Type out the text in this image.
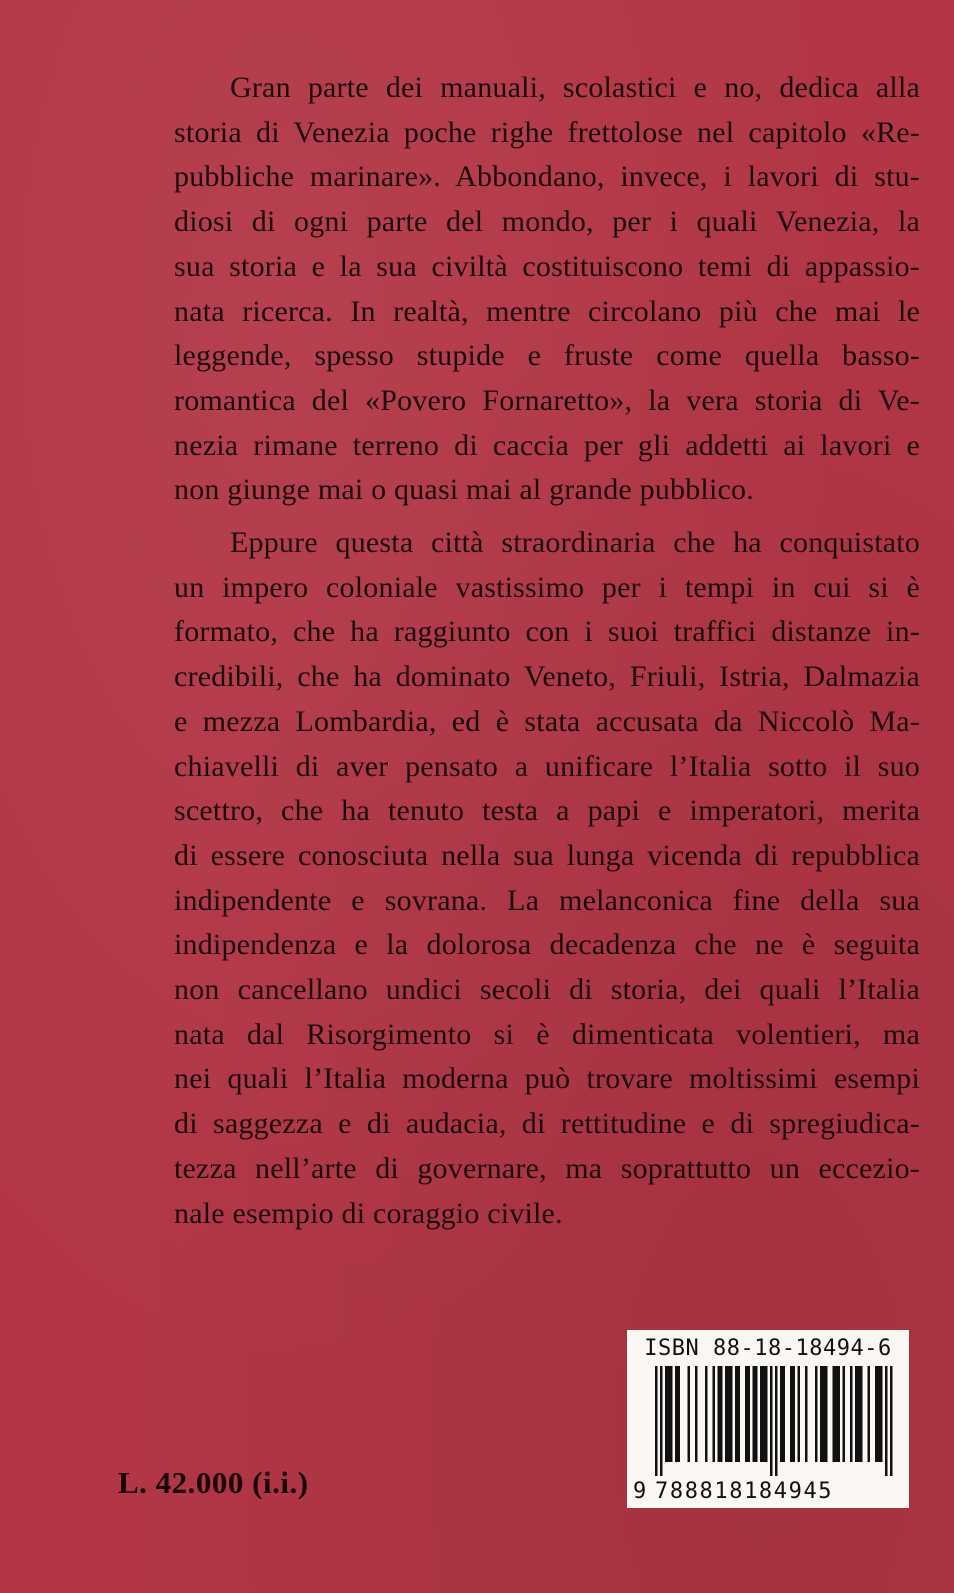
Gran parte dei manuali, scolastici e no, dedica alla
storia di Venezia poche righe frettolose nel capitolo «Re-
pubbliche marinare». Abbondano, invece, i lavori di stu-
diosi di ogni parte del mondo, per i quali Venezia, la
sua storia e la sua civiltà costituiscono temi di appassio-
nata ricerca. In realtà, mentre circolano più che mai le
leggende, spesso stupide e fruste come quella basso-
romantica del «Povero Fornaretto», la vera storia di Ve-
nezia rimane terreno di caccia per gli addetti ai lavori e
non giunge mai o quasi mai al grande pubblico.

Eppure questa città straordinaria che ha conquistato
un impero coloniale vastissimo per i tempi in cui si è
formato, che ha raggiunto con i suoi traffici distanze in-
credibili, che ha dominato Veneto, Friuli, Istria, Dalmazia
e mezza Lombardia, ed è stata accusata da Niccolò Ma-
chiavelli di aver pensato a unificare l’Italia sotto il suo
scettro, che ha tenuto testa a papi e imperatori, merita
di essere conosciuta nella sua lunga vicenda di repubblica
indipendente e sovrana. La melanconica fine della sua
indipendenza e la dolorosa decadenza che ne è seguita
non cancellano undici secoli di storia, dei quali l’Italia
nata dal Risorgimento si è dimenticata volentieri, ma
nei quali l’Italia moderna può trovare moltissimi esempi
di saggezza e di audacia, di rettitudine e di spregiudica-
tezza nell’arte di governare, ma soprattutto un eccezio-
nale esempio di coraggio civile.

ISBN 88-18-18494-6
9 788818184945
L. 42.000 (i.i.)
